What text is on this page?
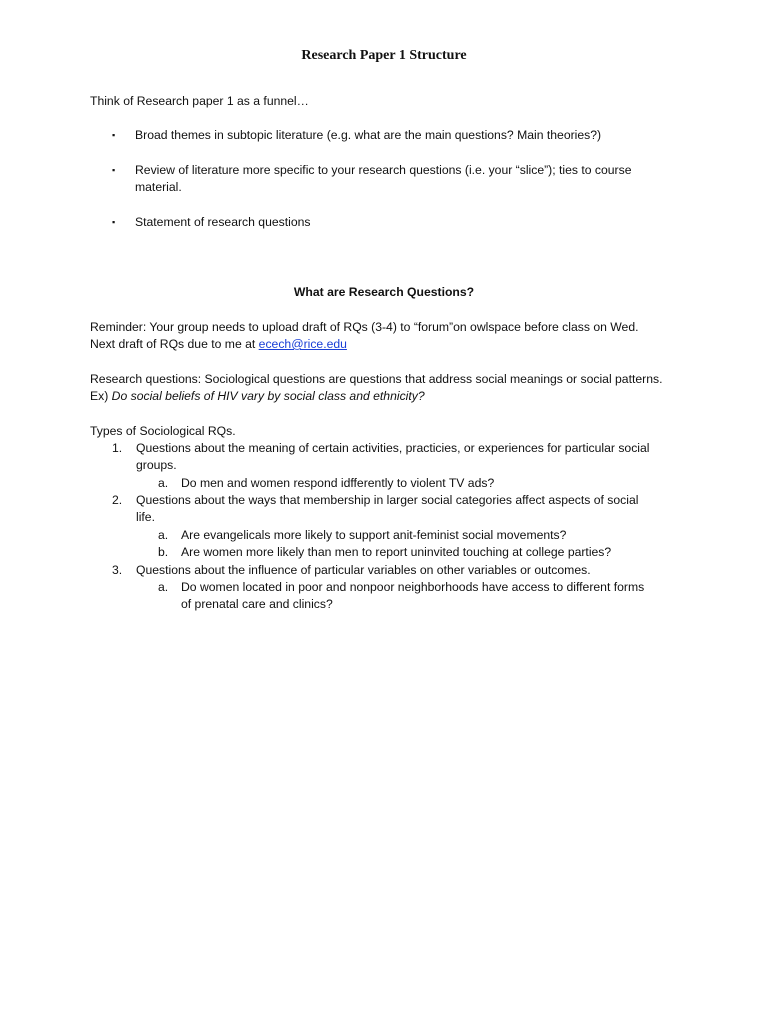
Research Paper 1 Structure
Think of Research paper 1 as a funnel…
▪ Broad themes in subtopic literature (e.g. what are the main questions? Main theories?)
▪ Review of literature more specific to your research questions (i.e. your “slice”); ties to course
material.
▪ Statement of research questions
What are Research Questions?
Reminder: Your group needs to upload draft of RQs (3-4) to “forum”on owlspace before class on Wed.
Next draft of RQs due to me at ecech@rice.edu
Research questions: Sociological questions are questions that address social meanings or social patterns.
Ex) Do social beliefs of HIV vary by social class and ethnicity?
Types of Sociological RQs.
1. Questions about the meaning of certain activities, practicies, or experiences for particular social
groups.
a. Do men and women respond idfferently to violent TV ads?
2. Questions about the ways that membership in larger social categories affect aspects of social
life.
a. Are evangelicals more likely to support anit-feminist social movements?
b. Are women more likely than men to report uninvited touching at college parties?
3. Questions about the influence of particular variables on other variables or outcomes.
a. Do women located in poor and nonpoor neighborhoods have access to different forms
of prenatal care and clinics?
